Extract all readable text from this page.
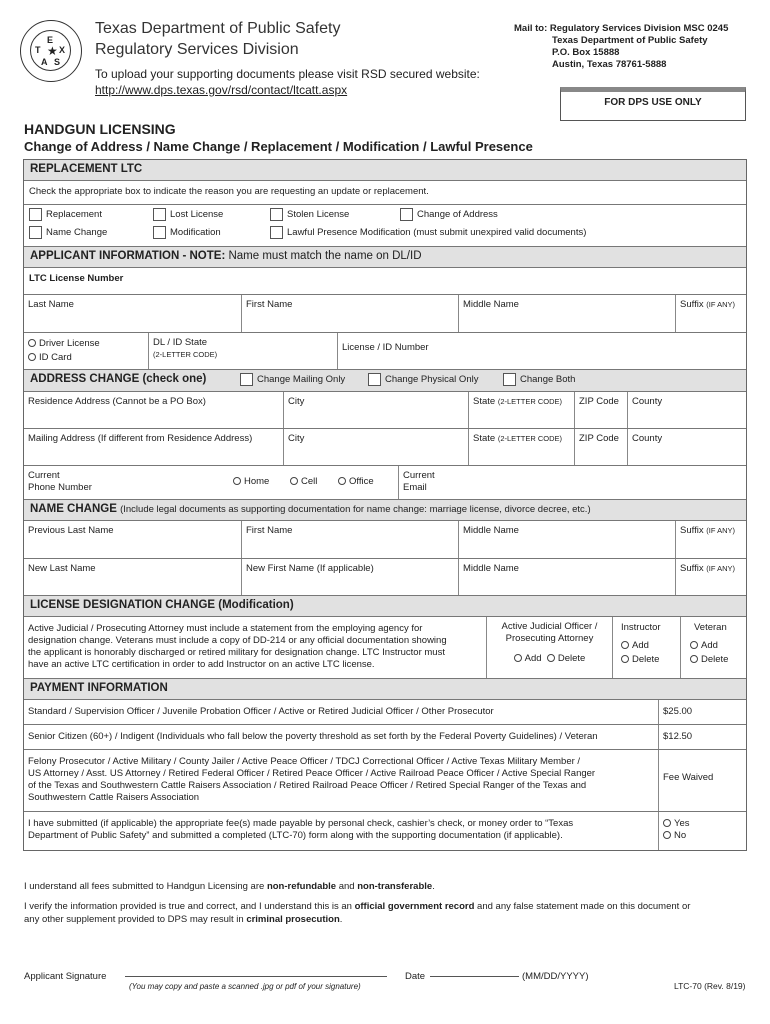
E
T X
★
A S
Texas Department of Public Safety
Regulatory Services Division
To upload your supporting documents please visit RSD secured website:
http://www.dps.texas.gov/rsd/contact/ltcatt.aspx
Mail to: Regulatory Services Division MSC 0245
Texas Department of Public Safety
P.O. Box 15888
Austin, Texas 78761-5888
FOR DPS USE ONLY
HANDGUN LICENSING
Change of Address / Name Change / Replacement / Modification / Lawful Presence
REPLACEMENT LTC
Check the appropriate box to indicate the reason you are requesting an update or replacement.
Replacement	Lost License	Stolen License	Change of Address
Name Change	Modification	Lawful Presence Modification (must submit unexpired valid documents)
APPLICANT INFORMATION - NOTE: Name must match the name on DL/ID
LTC License Number
Last Name	First Name	Middle Name	Suffix (IF ANY)
Driver License
ID Card
DL / ID State
(2-LETTER CODE)
License / ID Number
ADDRESS CHANGE (check one)	Change Mailing Only	Change Physical Only	Change Both
Residence Address (Cannot be a PO Box)	City	State (2-LETTER CODE)	ZIP Code	County
Mailing Address (If different from Residence Address)	City	State (2-LETTER CODE)	ZIP Code	County
Current
Phone Number
Home	Cell	Office
Current
Email
NAME CHANGE (Include legal documents as supporting documentation for name change: marriage license, divorce decree, etc.)
Previous Last Name	First Name	Middle Name	Suffix (IF ANY)
New Last Name	New First Name (If applicable)	Middle Name	Suffix (IF ANY)
LICENSE DESIGNATION CHANGE (Modification)
Active Judicial / Prosecuting Attorney must include a statement from the employing agency for
designation change. Veterans must include a copy of DD-214 or any official documentation showing
the applicant is honorably discharged or retired military for designation change. LTC Instructor must
have an active LTC certification in order to add Instructor on an active LTC license.
Active Judicial Officer /
Prosecuting Attorney
Add Delete
Instructor
Add
Delete
Veteran
Add
Delete
PAYMENT INFORMATION
Standard / Supervision Officer / Juvenile Probation Officer / Active or Retired Judicial Officer / Other Prosecutor	$25.00
Senior Citizen (60+) / Indigent (Individuals who fall below the poverty threshold as set forth by the Federal Poverty Guidelines) / Veteran	$12.50
Felony Prosecutor / Active Military / County Jailer / Active Peace Officer / TDCJ Correctional Officer / Active Texas Military Member /
US Attorney / Asst. US Attorney / Retired Federal Officer / Retired Peace Officer / Active Railroad Peace Officer / Active Special Ranger
of the Texas and Southwestern Cattle Raisers Association / Retired Railroad Peace Officer / Retired Special Ranger of the Texas and
Southwestern Cattle Raisers Association
Fee Waived
I have submitted (if applicable) the appropriate fee(s) made payable by personal check, cashier’s check, or money order to “Texas
Department of Public Safety” and submitted a completed (LTC-70) form along with the supporting documentation (if applicable).
Yes
No
I understand all fees submitted to Handgun Licensing are non-refundable and non-transferable.
I verify the information provided is true and correct, and I understand this is an official government record and any false statement made on this document or
any other supplement provided to DPS may result in criminal prosecution.
Applicant Signature
(You may copy and paste a scanned .jpg or pdf of your signature)
Date	(MM/DD/YYYY)
LTC-70 (Rev. 8/19)
